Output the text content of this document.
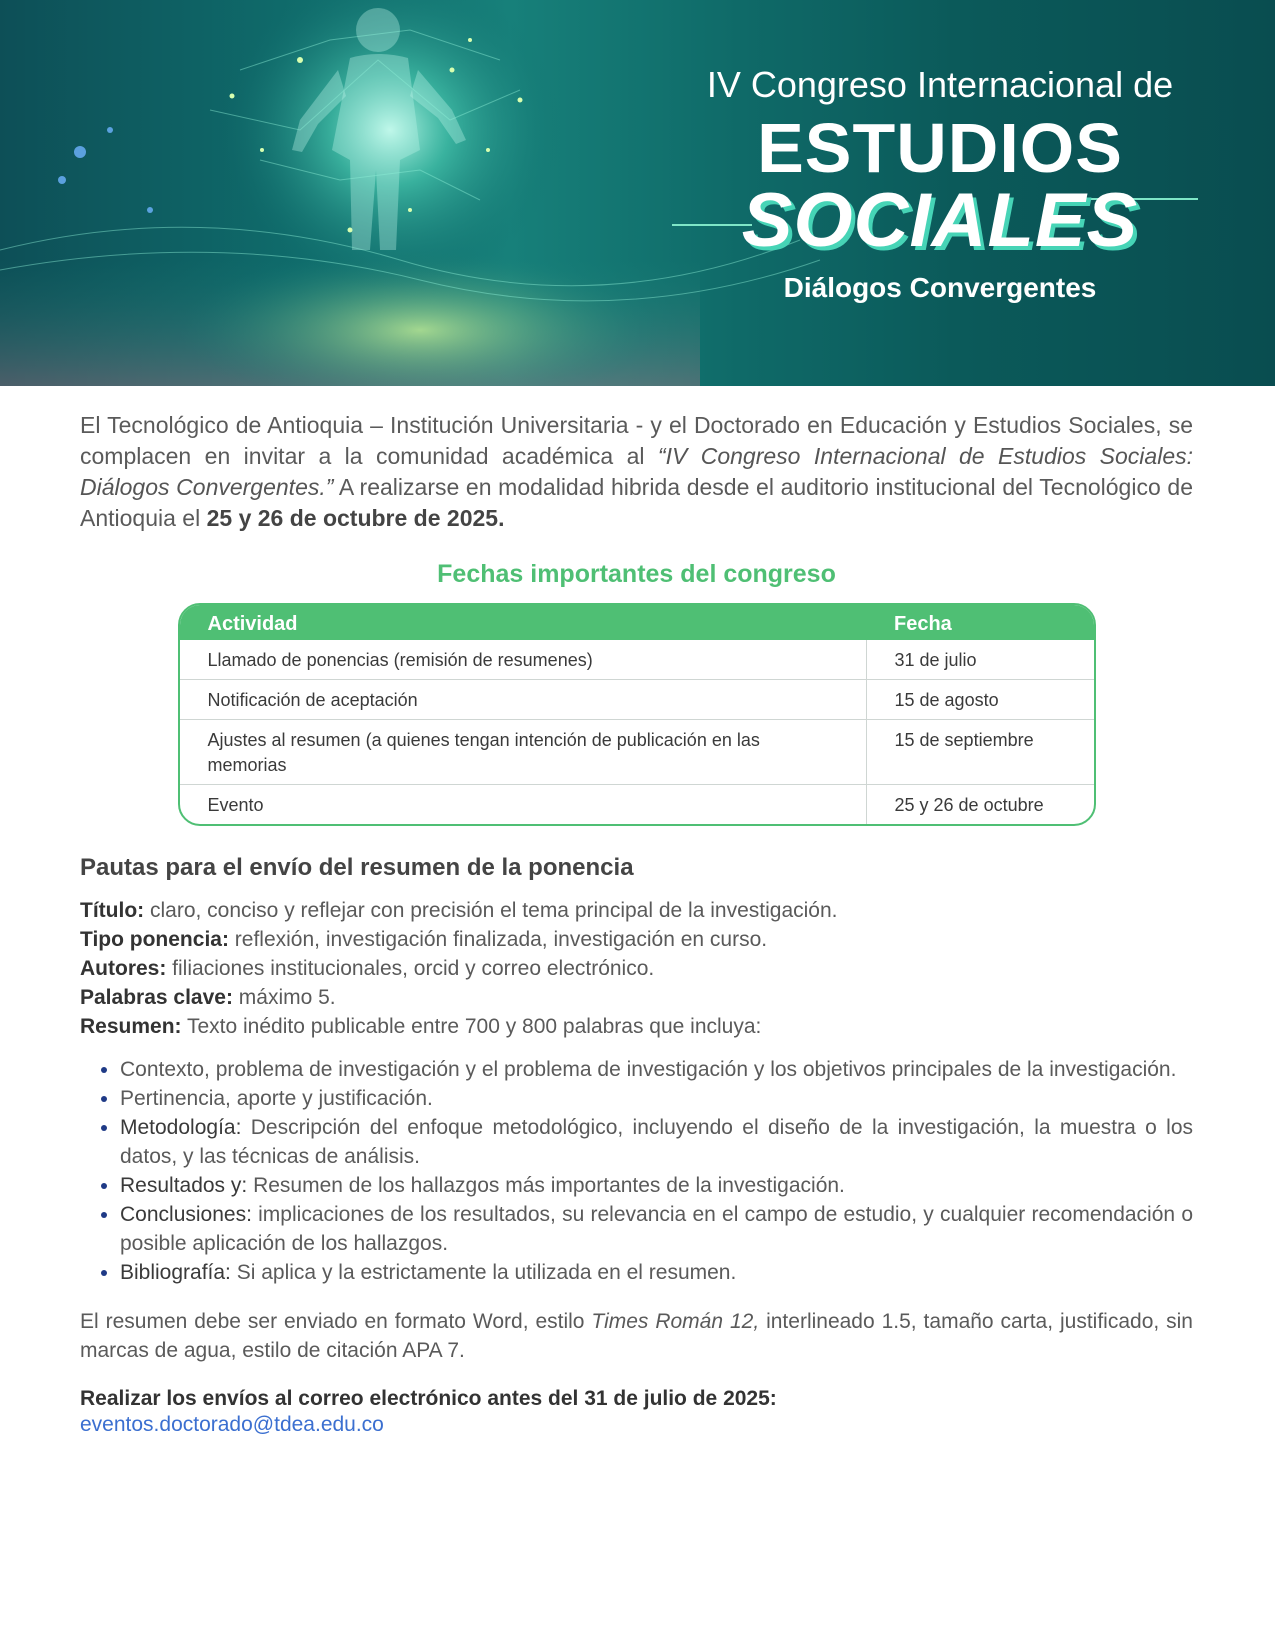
IV Congreso Internacional de
ESTUDIOS
SOCIALES
Diálogos Convergentes

El Tecnológico de Antioquia – Institución Universitaria - y el Doctorado en Educación y Estudios Sociales, se complacen en invitar a la comunidad académica al “IV Congreso Internacional de Estudios Sociales: Diálogos Convergentes.” A realizarse en modalidad hibrida desde el auditorio institucional del Tecnológico de Antioquia el 25 y 26 de octubre de 2025.

Fechas importantes del congreso
Actividad	Fecha
Llamado de ponencias (remisión de resumenes)	31 de julio
Notificación de aceptación	15 de agosto
Ajustes al resumen (a quienes tengan intención de publicación en las memorias	15 de septiembre
Evento	25 y 26 de octubre
Pautas para el envío del resumen de la ponencia
Título: claro, conciso y reflejar con precisión el tema principal de la investigación.
Tipo ponencia: reflexión, investigación finalizada, investigación en curso.
Autores: filiaciones institucionales, orcid y correo electrónico.
Palabras clave: máximo 5.
Resumen: Texto inédito publicable entre 700 y 800 palabras que incluya:
• Contexto, problema de investigación y el problema de investigación y los objetivos principales de la investigación.
• Pertinencia, aporte y justificación.
• Metodología: Descripción del enfoque metodológico, incluyendo el diseño de la investigación, la muestra o los datos, y las técnicas de análisis.
• Resultados y: Resumen de los hallazgos más importantes de la investigación.
• Conclusiones: implicaciones de los resultados, su relevancia en el campo de estudio, y cualquier recomendación o posible aplicación de los hallazgos.
• Bibliografía: Si aplica y la estrictamente la utilizada en el resumen.
El resumen debe ser enviado en formato Word, estilo Times Román 12, interlineado 1.5, tamaño carta, justificado, sin marcas de agua, estilo de citación APA 7.
Realizar los envíos al correo electrónico antes del 31 de julio de 2025:
eventos.doctorado@tdea.edu.co
